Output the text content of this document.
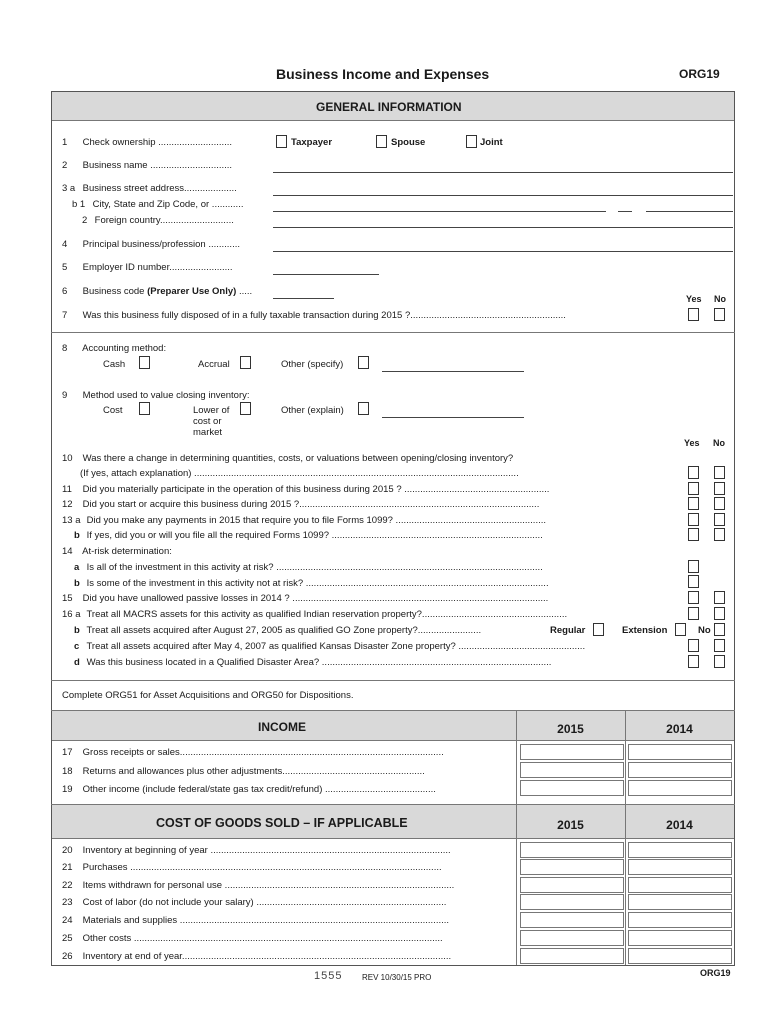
Business Income and Expenses	ORG19
GENERAL INFORMATION
1 Check ownership ............................	Taxpayer	Spouse	Joint
2 Business name ...............................
3 a Business street address....................
b 1 City, State and Zip Code, or ............
2 Foreign country............................
4 Principal business/profession ............
5 Employer ID number........................
6 Business code (Preparer Use Only) .....
Yes No
7 Was this business fully disposed of in a fully taxable transaction during 2015 ?...........................................................
8 Accounting method:
Cash	Accrual	Other (specify)
9 Method used to value closing inventory:
Cost	Lower of
cost or
market
Other (explain)
Yes No
10 Was there a change in determining quantities, costs, or valuations between opening/closing inventory?
(If yes, attach explanation) ...........................................................................................................................
11 Did you materially participate in the operation of this business during 2015 ? .......................................................
12 Did you start or acquire this business during 2015 ?...........................................................................................
13 a Did you make any payments in 2015 that require you to file Forms 1099? .........................................................
b If yes, did you or will you file all the required Forms 1099? ................................................................................
14 At-risk determination:
a Is all of the investment in this activity at risk? .....................................................................................................
b Is some of the investment in this activity not at risk? ............................................................................................
15 Did you have unallowed passive losses in 2014 ? .................................................................................................
16 a Treat all MACRS assets for this activity as qualified Indian reservation property?.......................................................
b Treat all assets acquired after August 27, 2005 as qualified GO Zone property?........................	Regular	Extension	No
c Treat all assets acquired after May 4, 2007 as qualified Kansas Disaster Zone property? ................................................
d Was this business located in a Qualified Disaster Area? .......................................................................................
Complete ORG51 for Asset Acquisitions and ORG50 for Dispositions.
INCOME	2015	2014
17 Gross receipts or sales....................................................................................................
18 Returns and allowances plus other adjustments......................................................
19 Other income (include federal/state gas tax credit/refund) ..........................................
COST OF GOODS SOLD – IF APPLICABLE	2015	2014
20 Inventory at beginning of year ...........................................................................................
21 Purchases ......................................................................................................................
22 Items withdrawn for personal use .......................................................................................
23 Cost of labor (do not include your salary) ........................................................................
24 Materials and supplies ......................................................................................................
25 Other costs .....................................................................................................................
26 Inventory at end of year......................................................................................................
1555 REV 10/30/15 PRO	ORG19
